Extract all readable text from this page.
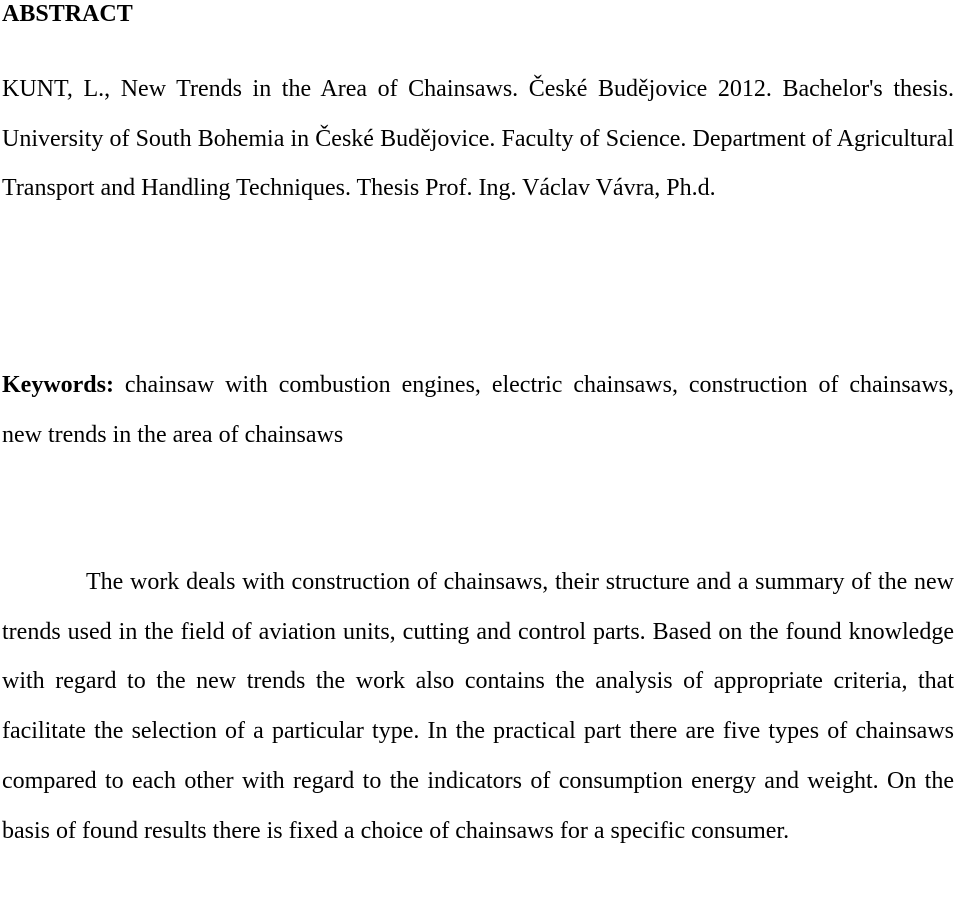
ABSTRACT

KUNT, L., New Trends in the Area of Chainsaws. České Budějovice 2012. Bachelor's thesis. University of South Bohemia in České Budějovice. Faculty of Science. Department of Agricultural Transport and Handling Techniques. Thesis Prof. Ing. Václav Vávra, Ph.d.

Keywords: chainsaw with combustion engines, electric chainsaws, construction of chainsaws, new trends in the area of chainsaws

The work deals with construction of chainsaws, their structure and a summary of the new trends used in the field of aviation units, cutting and control parts. Based on the found knowledge with regard to the new trends the work also contains the analysis of appropriate criteria, that facilitate the selection of a particular type. In the practical part there are five types of chainsaws compared to each other with regard to the indicators of consumption energy and weight. On the basis of found results there is fixed a choice of chainsaws for a specific consumer.
